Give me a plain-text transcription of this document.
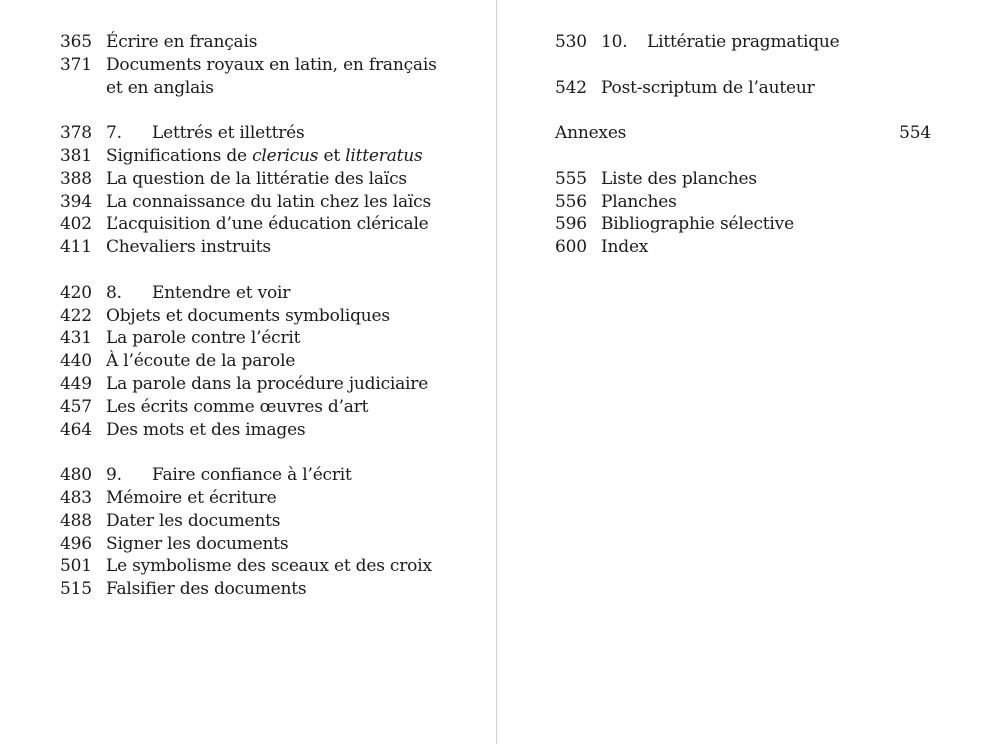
365 Écrire en français
371 Documents royaux en latin, en français
et en anglais
378 7. Lettrés et illettrés
381 Significations de clericus et litteratus
388 La question de la littératie des laïcs
394 La connaissance du latin chez les laïcs
402 L’acquisition d’une éducation cléricale
411 Chevaliers instruits
420 8. Entendre et voir
422 Objets et documents symboliques
431 La parole contre l’écrit
440 À l’écoute de la parole
449 La parole dans la procédure judiciaire
457 Les écrits comme œuvres d’art
464 Des mots et des images
480 9. Faire confiance à l’écrit
483 Mémoire et écriture
488 Dater les documents
496 Signer les documents
501 Le symbolisme des sceaux et des croix
515 Falsifier des documents
530 10. Littératie pragmatique
542 Post-scriptum de l’auteur
Annexes	554
555 Liste des planches
556 Planches
596 Bibliographie sélective
600 Index
